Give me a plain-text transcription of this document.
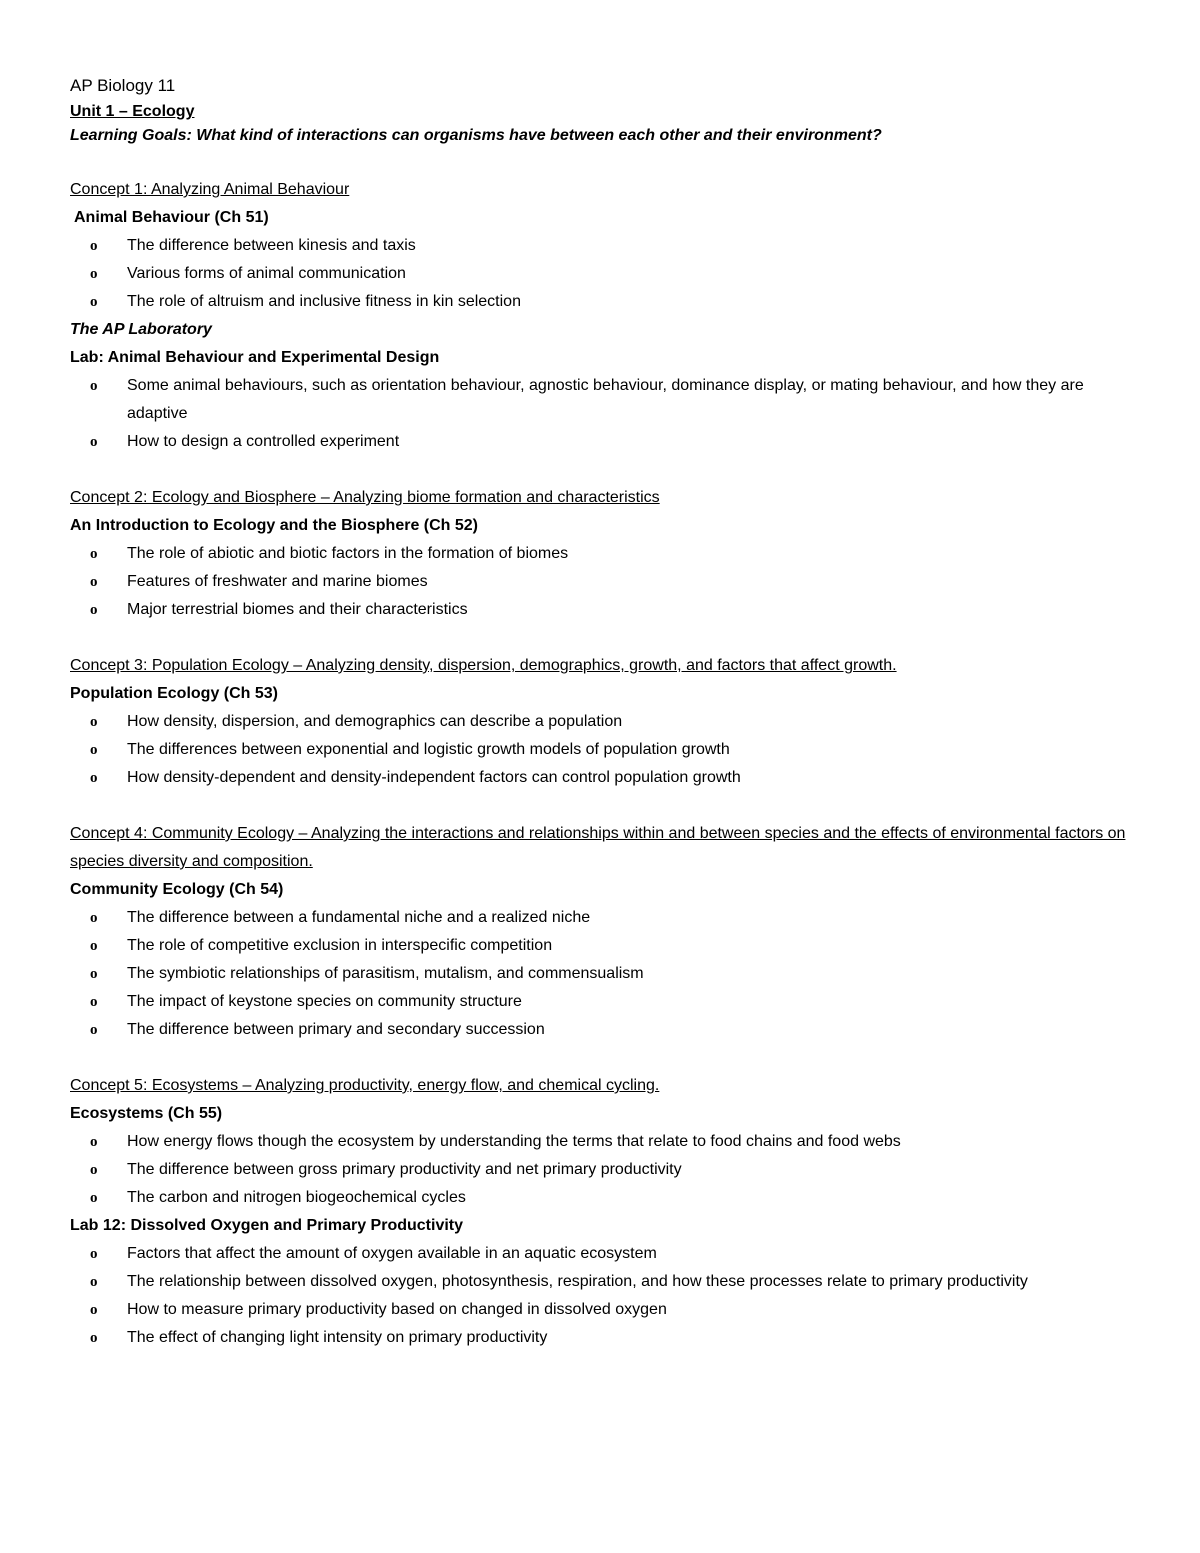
AP Biology 11

Unit 1 – Ecology

Learning Goals: What kind of interactions can organisms have between each other and their environment?

Concept 1: Analyzing Animal Behaviour

Animal Behaviour (Ch 51)

o The difference between kinesis and taxis
o Various forms of animal communication
o The role of altruism and inclusive fitness in kin selection

The AP Laboratory

Lab: Animal Behaviour and Experimental Design

o Some animal behaviours, such as orientation behaviour, agnostic behaviour, dominance display, or mating behaviour, and how they are adaptive
o How to design a controlled experiment

Concept 2: Ecology and Biosphere – Analyzing biome formation and characteristics

An Introduction to Ecology and the Biosphere (Ch 52)

o The role of abiotic and biotic factors in the formation of biomes
o Features of freshwater and marine biomes
o Major terrestrial biomes and their characteristics

Concept 3: Population Ecology – Analyzing density, dispersion, demographics, growth, and factors that affect growth.

Population Ecology (Ch 53)

o How density, dispersion, and demographics can describe a population
o The differences between exponential and logistic growth models of population growth
o How density-dependent and density-independent factors can control population growth

Concept 4: Community Ecology – Analyzing the interactions and relationships within and between species and the effects of environmental factors on species diversity and composition.

Community Ecology (Ch 54)

o The difference between a fundamental niche and a realized niche
o The role of competitive exclusion in interspecific competition
o The symbiotic relationships of parasitism, mutalism, and commensualism
o The impact of keystone species on community structure
o The difference between primary and secondary succession

Concept 5: Ecosystems – Analyzing productivity, energy flow, and chemical cycling.

Ecosystems (Ch 55)

o How energy flows though the ecosystem by understanding the terms that relate to food chains and food webs
o The difference between gross primary productivity and net primary productivity
o The carbon and nitrogen biogeochemical cycles

Lab 12: Dissolved Oxygen and Primary Productivity

o Factors that affect the amount of oxygen available in an aquatic ecosystem
o The relationship between dissolved oxygen, photosynthesis, respiration, and how these processes relate to primary productivity
o How to measure primary productivity based on changed in dissolved oxygen
o The effect of changing light intensity on primary productivity
